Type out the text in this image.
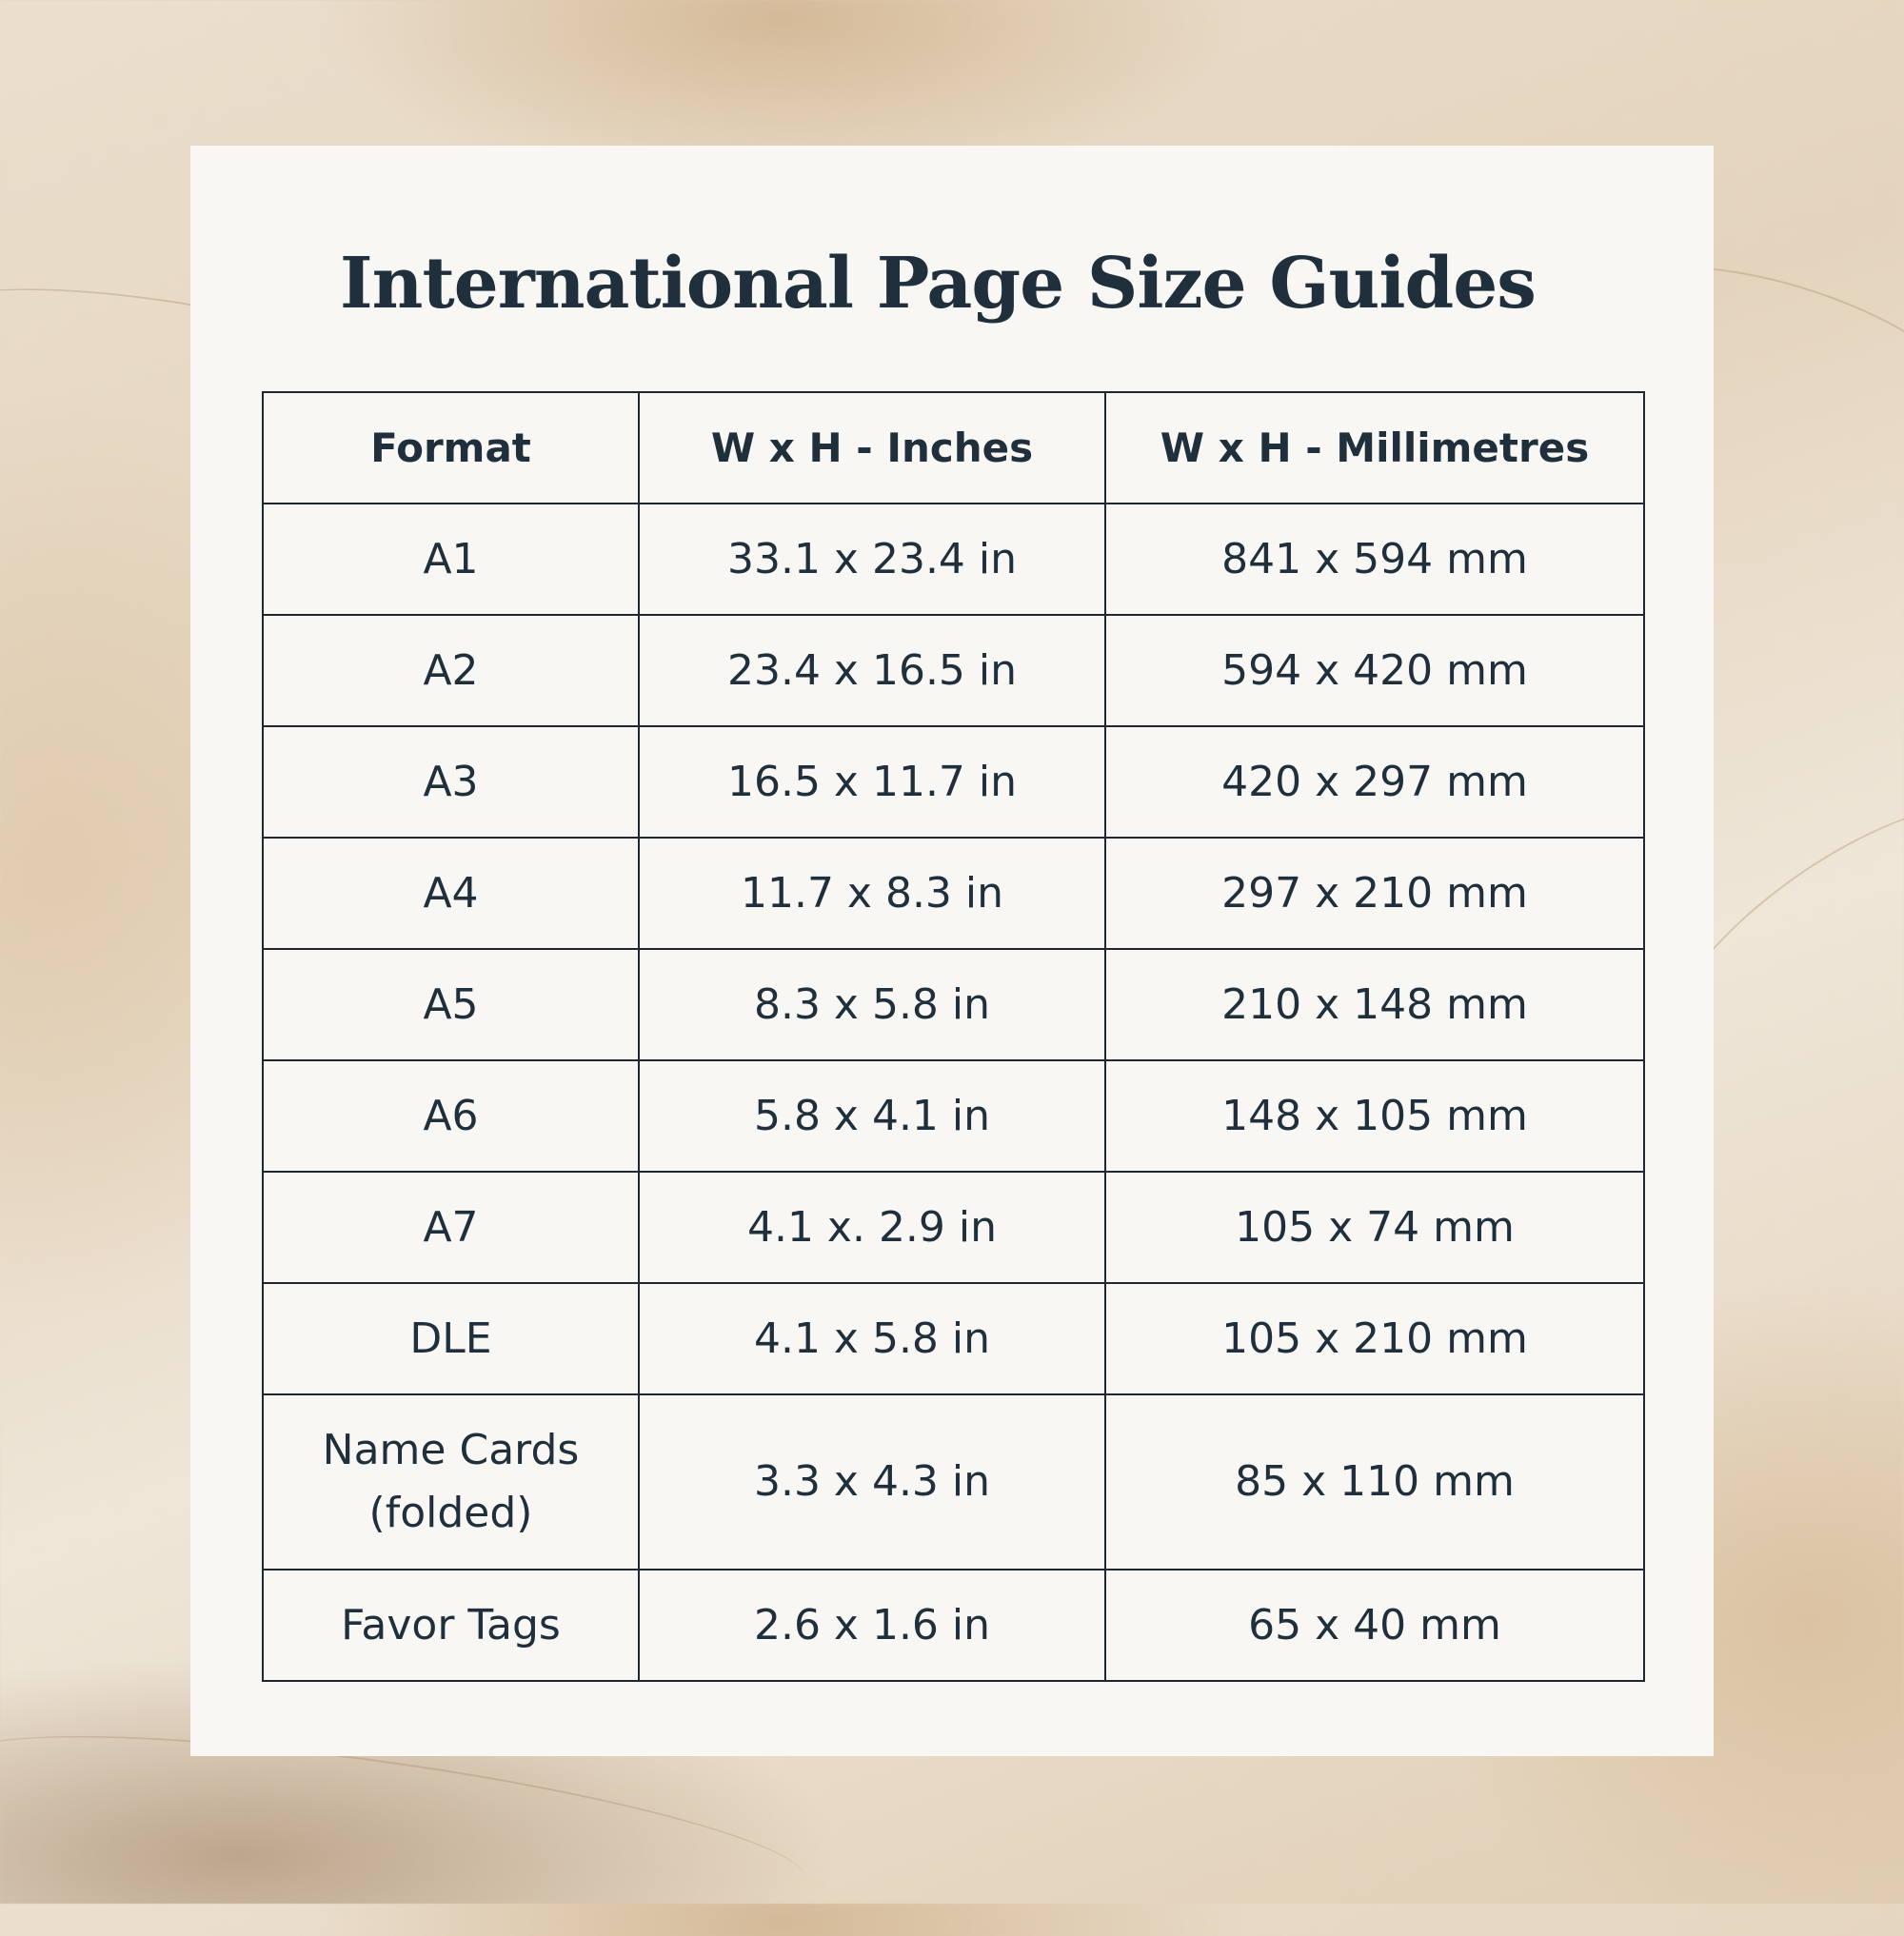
International Page Size Guides
Format	W x H - Inches	W x H - Millimetres
A1	33.1 x 23.4 in	841 x 594 mm
A2	23.4 x 16.5 in	594 x 420 mm
A3	16.5 x 11.7 in	420 x 297 mm
A4	11.7 x 8.3 in	297 x 210 mm
A5	8.3 x 5.8 in	210 x 148 mm
A6	5.8 x 4.1 in	148 x 105 mm
A7	4.1 x. 2.9 in	105 x 74 mm
DLE	4.1 x 5.8 in	105 x 210 mm
Name Cards (folded)	3.3 x 4.3 in	85 x 110 mm
Favor Tags	2.6 x 1.6 in	65 x 40 mm
